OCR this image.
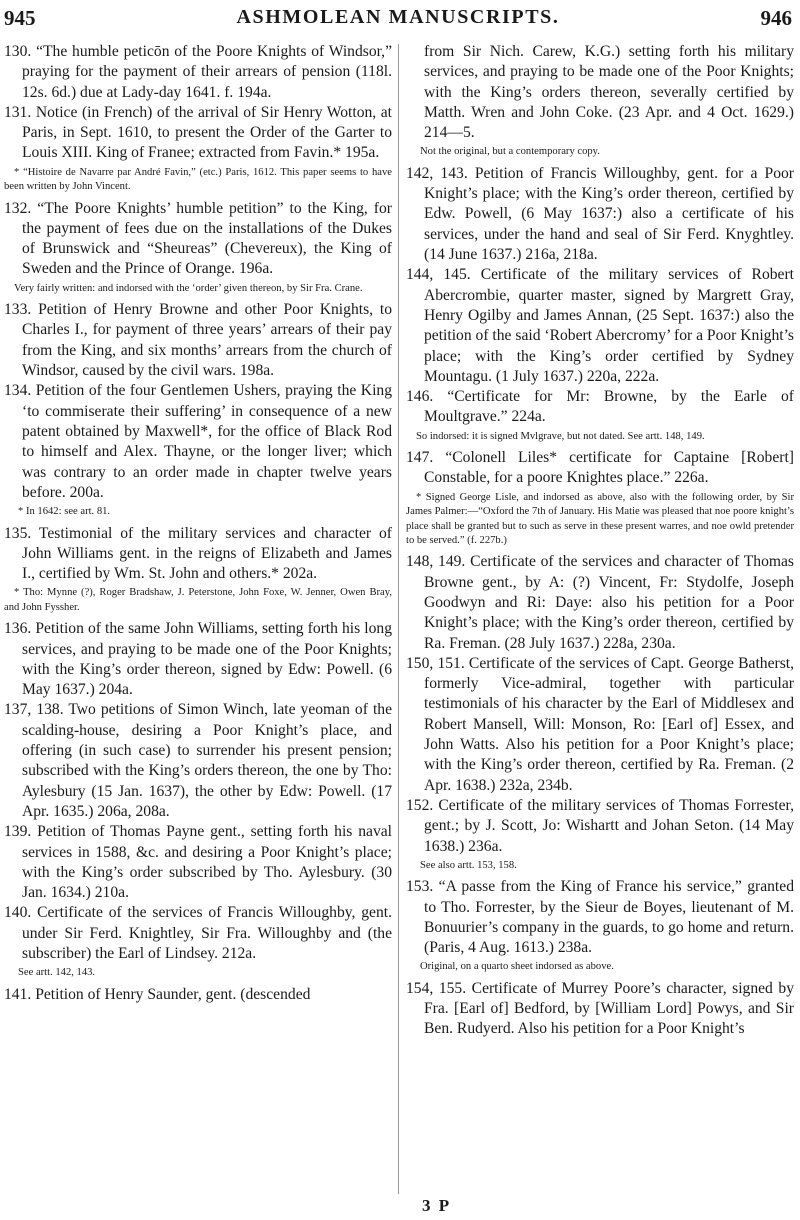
945	ASHMOLEAN MANUSCRIPTS.	946

130. “The humble peticōn of the Poore Knights of Windsor,” praying for the payment of their arrears of pension (118l. 12s. 6d.) due at Lady-day 1641. f. 194a.

131. Notice (in French) of the arrival of Sir Henry Wotton, at Paris, in Sept. 1610, to present the Order of the Garter to Louis XIII. King of Franee; extracted from Favin.* 195a.

* “Histoire de Navarre par André Favin,” (etc.) Paris, 1612. This paper seems to have been written by John Vincent.

132. “The Poore Knights’ humble petition” to the King, for the payment of fees due on the installations of the Dukes of Brunswick and “Sheureas” (Chevereux), the King of Sweden and the Prince of Orange. 196a.

Very fairly written: and indorsed with the ‘order’ given thereon, by Sir Fra. Crane.

133. Petition of Henry Browne and other Poor Knights, to Charles I., for payment of three years’ arrears of their pay from the King, and six months’ arrears from the church of Windsor, caused by the civil wars. 198a.

134. Petition of the four Gentlemen Ushers, praying the King ‘to commiserate their suffering’ in consequence of a new patent obtained by Maxwell*, for the office of Black Rod to himself and Alex. Thayne, or the longer liver; which was contrary to an order made in chapter twelve years before. 200a.

* In 1642: see art. 81.

135. Testimonial of the military services and character of John Williams gent. in the reigns of Elizabeth and James I., certified by Wm. St. John and others.* 202a.

* Tho: Mynne (?), Roger Bradshaw, J. Peterstone, John Foxe, W. Jenner, Owen Bray, and John Fyssher.

136. Petition of the same John Williams, setting forth his long services, and praying to be made one of the Poor Knights; with the King’s order thereon, signed by Edw: Powell. (6 May 1637.) 204a.

137, 138. Two petitions of Simon Winch, late yeoman of the scalding-house, desiring a Poor Knight’s place, and offering (in such case) to surrender his present pension; subscribed with the King’s orders thereon, the one by Tho: Aylesbury (15 Jan. 1637), the other by Edw: Powell. (17 Apr. 1635.) 206a, 208a.

139. Petition of Thomas Payne gent., setting forth his naval services in 1588, &c. and desiring a Poor Knight’s place; with the King’s order subscribed by Tho. Aylesbury. (30 Jan. 1634.) 210a.

140. Certificate of the services of Francis Willoughby, gent. under Sir Ferd. Knightley, Sir Fra. Willoughby and (the subscriber) the Earl of Lindsey. 212a.

See artt. 142, 143.

141. Petition of Henry Saunder, gent. (descended

from Sir Nich. Carew, K.G.) setting forth his military services, and praying to be made one of the Poor Knights; with the King’s orders thereon, severally certified by Matth. Wren and John Coke. (23 Apr. and 4 Oct. 1629.) 214—5.

Not the original, but a contemporary copy.

142, 143. Petition of Francis Willoughby, gent. for a Poor Knight’s place; with the King’s order thereon, certified by Edw. Powell, (6 May 1637:) also a certificate of his services, under the hand and seal of Sir Ferd. Knyghtley. (14 June 1637.) 216a, 218a.

144, 145. Certificate of the military services of Robert Abercrombie, quarter master, signed by Margrett Gray, Henry Ogilby and James Annan, (25 Sept. 1637:) also the petition of the said ‘Robert Abercromy’ for a Poor Knight’s place; with the King’s order certified by Sydney Mountagu. (1 July 1637.) 220a, 222a.

146. “Certificate for Mr: Browne, by the Earle of Moultgrave.” 224a.

So indorsed: it is signed Mvlgrave, but not dated. See artt. 148, 149.

147. “Colonell Liles* certificate for Captaine [Robert] Constable, for a poore Knightes place.” 226a.

* Signed George Lisle, and indorsed as above, also with the following order, by Sir James Palmer:—“Oxford the 7th of January. His Matie was pleased that noe poore knight’s place shall be granted but to such as serve in these present warres, and noe owld pretender to be served.” (f. 227b.)

148, 149. Certificate of the services and character of Thomas Browne gent., by A: (?) Vincent, Fr: Stydolfe, Joseph Goodwyn and Ri: Daye: also his petition for a Poor Knight’s place; with the King’s order thereon, certified by Ra. Freman. (28 July 1637.) 228a, 230a.

150, 151. Certificate of the services of Capt. George Batherst, formerly Vice-admiral, together with particular testimonials of his character by the Earl of Middlesex and Robert Mansell, Will: Monson, Ro: [Earl of] Essex, and John Watts. Also his petition for a Poor Knight’s place; with the King’s order thereon, certified by Ra. Freman. (2 Apr. 1638.) 232a, 234b.

152. Certificate of the military services of Thomas Forrester, gent.; by J. Scott, Jo: Wishartt and Johan Seton. (14 May 1638.) 236a.

See also artt. 153, 158.

153. “A passe from the King of France his service,” granted to Tho. Forrester, by the Sieur de Boyes, lieutenant of M. Bonuurier’s company in the guards, to go home and return. (Paris, 4 Aug. 1613.) 238a.

Original, on a quarto sheet indorsed as above.

154, 155. Certificate of Murrey Poore’s character, signed by Fra. [Earl of] Bedford, by [William Lord] Powys, and Sir Ben. Rudyerd. Also his petition for a Poor Knight’s

3 P
